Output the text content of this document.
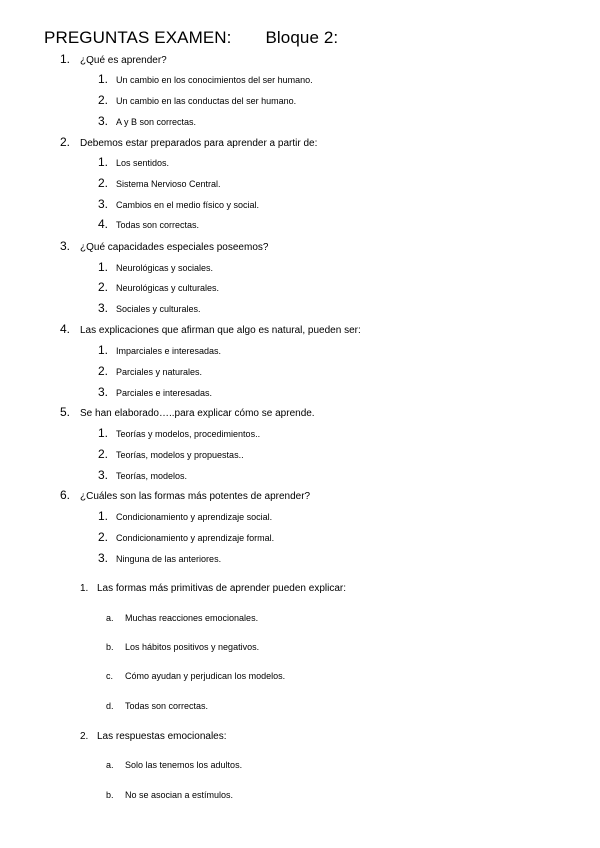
PREGUNTAS EXAMEN: Bloque 2:
1. ¿Qué es aprender?
1. Un cambio en los conocimientos del ser humano.
2. Un cambio en las conductas del ser humano.
3. A y B son correctas.
2. Debemos estar preparados para aprender a partir de:
1. Los sentidos.
2. Sistema Nervioso Central.
3. Cambios en el medio físico y social.
4. Todas son correctas.
3. ¿Qué capacidades especiales poseemos?
1. Neurológicas y sociales.
2. Neurológicas y culturales.
3. Sociales y culturales.
4. Las explicaciones que afirman que algo es natural, pueden ser:
1. Imparciales e interesadas.
2. Parciales y naturales.
3. Parciales e interesadas.
5. Se han elaborado…..para explicar cómo se aprende.
1. Teorías y modelos, procedimientos..
2. Teorías, modelos y propuestas..
3. Teorías, modelos.
6. ¿Cuáles son las formas más potentes de aprender?
1. Condicionamiento y aprendizaje social.
2. Condicionamiento y aprendizaje formal.
3. Ninguna de las anteriores.
1. Las formas más primitivas de aprender pueden explicar:
a. Muchas reacciones emocionales.
b. Los hábitos positivos y negativos.
c. Cómo ayudan y perjudican los modelos.
d. Todas son correctas.
2. Las respuestas emocionales:
a. Solo las tenemos los adultos.
b. No se asocian a estímulos.
